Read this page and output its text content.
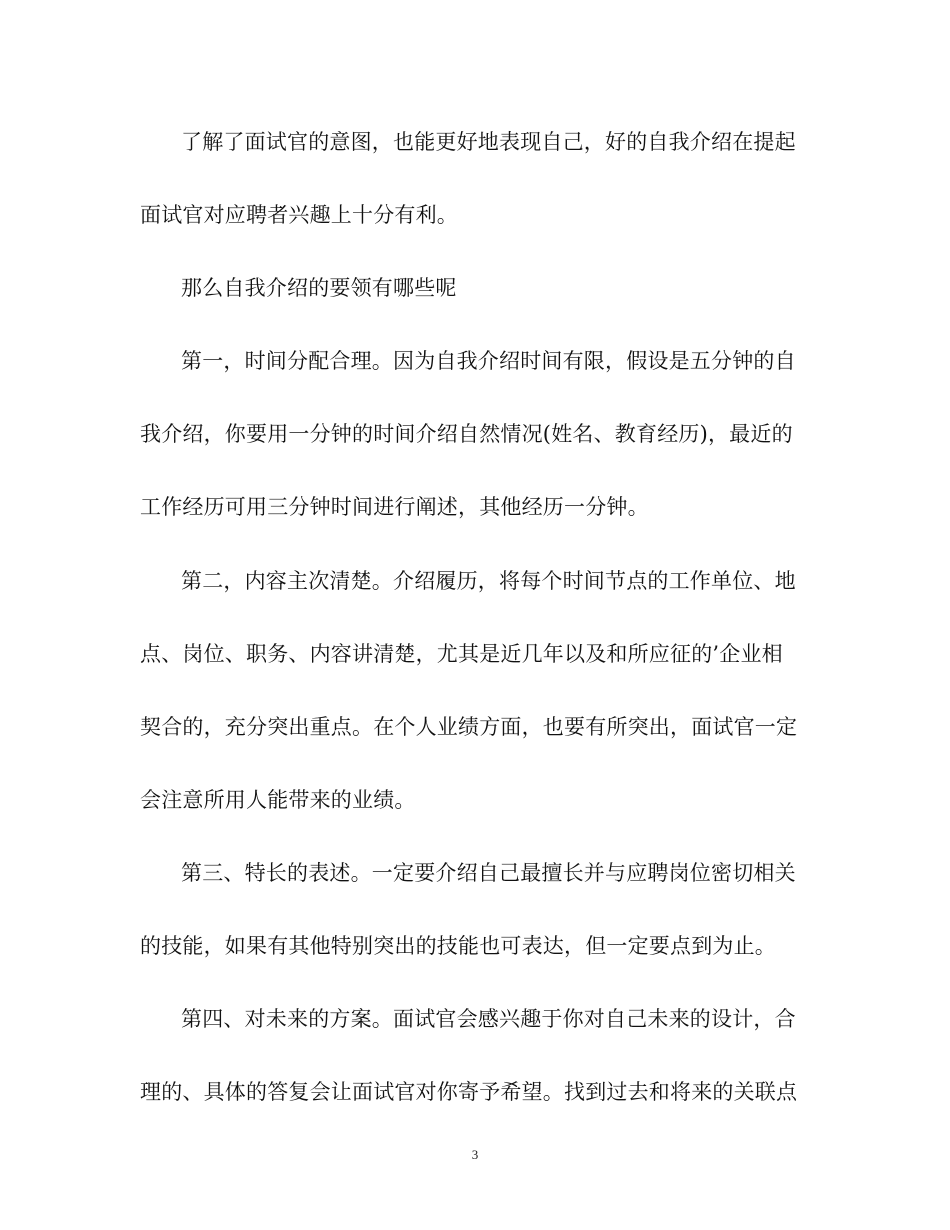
了解了面试官的意图，也能更好地表现自己，好的自我介绍在提起
面试官对应聘者兴趣上十分有利。
那么自我介绍的要领有哪些呢
第一，时间分配合理。因为自我介绍时间有限，假设是五分钟的自
我介绍，你要用一分钟的时间介绍自然情况(姓名、教育经历)，最近的
工作经历可用三分钟时间进行阐述，其他经历一分钟。
第二，内容主次清楚。介绍履历，将每个时间节点的工作单位、地
点、岗位、职务、内容讲清楚，尤其是近几年以及和所应征的’企业相
契合的，充分突出重点。在个人业绩方面，也要有所突出，面试官一定
会注意所用人能带来的业绩。
第三、特长的表述。一定要介绍自己最擅长并与应聘岗位密切相关
的技能，如果有其他特别突出的技能也可表达，但一定要点到为止。
第四、对未来的方案。面试官会感兴趣于你对自己未来的设计，合
理的、具体的答复会让面试官对你寄予希望。找到过去和将来的关联点
3
